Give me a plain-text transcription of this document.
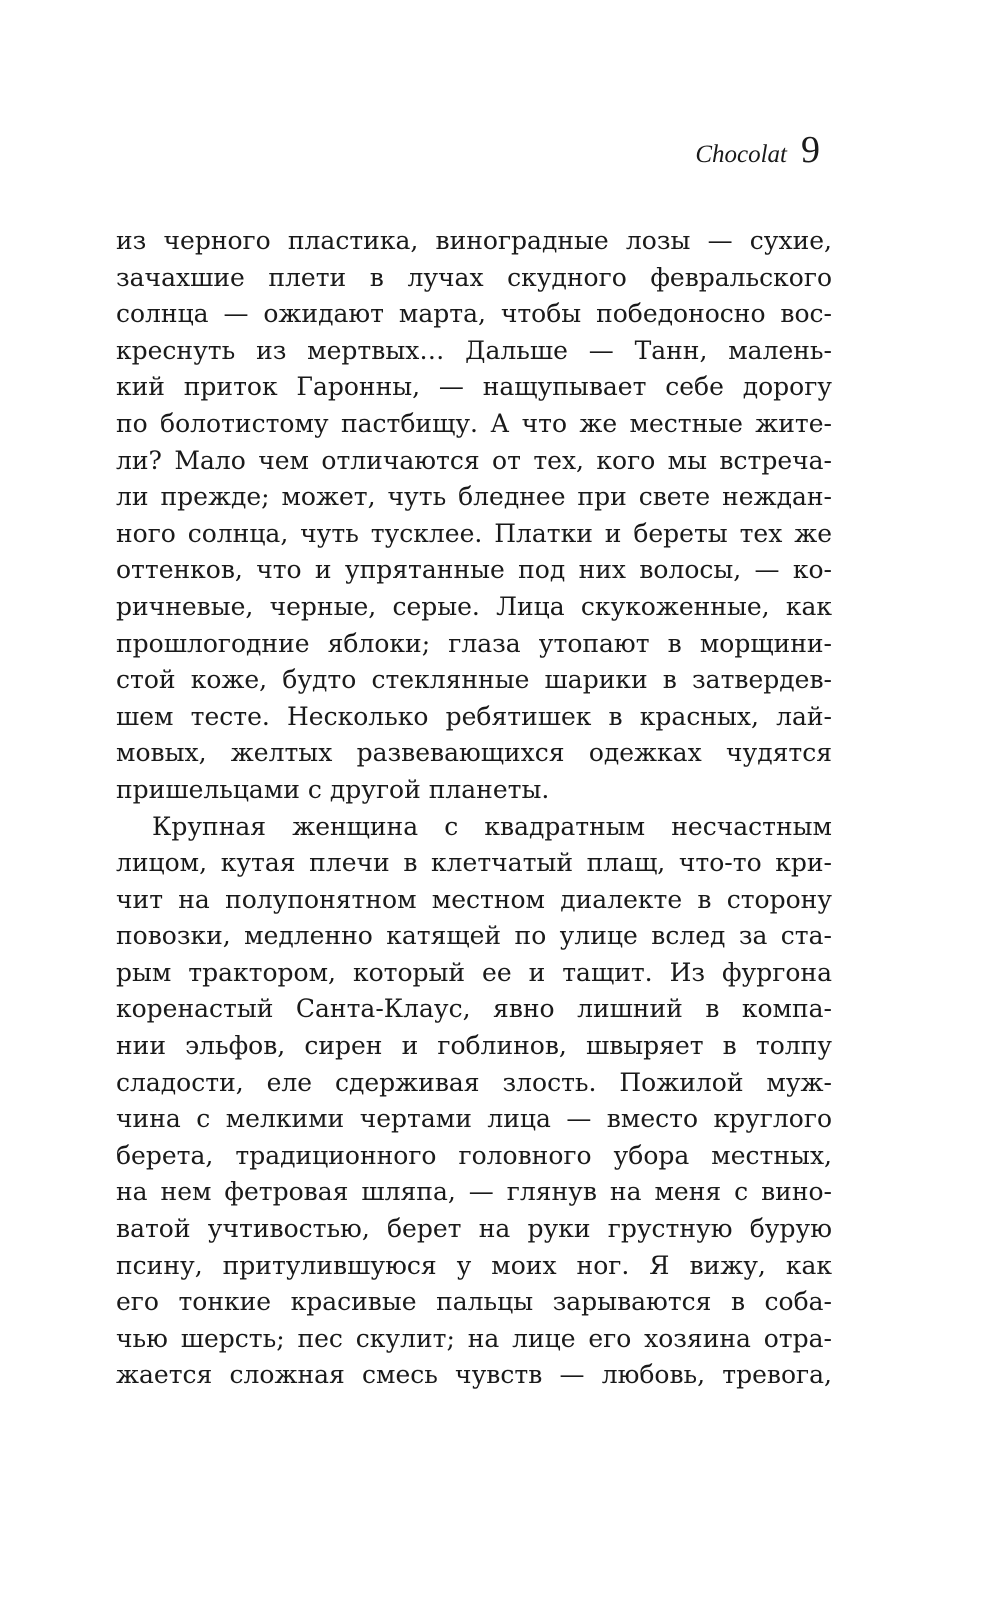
Chocolat 9
из черного пластика, виноградные лозы — сухие,
зачахшие плети в лучах скудного февральского
солнца — ожидают марта, чтобы победоносно вос-
креснуть из мертвых… Дальше — Танн, малень-
кий приток Гаронны, — нащупывает себе дорогу
по болотистому пастбищу. А что же местные жите-
ли? Мало чем отличаются от тех, кого мы встреча-
ли прежде; может, чуть бледнее при свете неждан-
ного солнца, чуть тусклее. Платки и береты тех же
оттенков, что и упрятанные под них волосы, — ко-
ричневые, черные, серые. Лица скукоженные, как
прошлогодние яблоки; глаза утопают в морщини-
стой коже, будто стеклянные шарики в затвердев-
шем тесте. Несколько ребятишек в красных, лай-
мовых, желтых развевающихся одежках чудятся
пришельцами с другой планеты.
Крупная женщина с квадратным несчастным
лицом, кутая плечи в клетчатый плащ, что-то кри-
чит на полупонятном местном диалекте в сторону
повозки, медленно катящей по улице вслед за ста-
рым трактором, который ее и тащит. Из фургона
коренастый Санта-Клаус, явно лишний в компа-
нии эльфов, сирен и гоблинов, швыряет в толпу
сладости, еле сдерживая злость. Пожилой муж-
чина с мелкими чертами лица — вместо круглого
берета, традиционного головного убора местных,
на нем фетровая шляпа, — глянув на меня с вино-
ватой учтивостью, берет на руки грустную бурую
псину, притулившуюся у моих ног. Я вижу, как
его тонкие красивые пальцы зарываются в соба-
чью шерсть; пес скулит; на лице его хозяина отра-
жается сложная смесь чувств — любовь, тревога,
